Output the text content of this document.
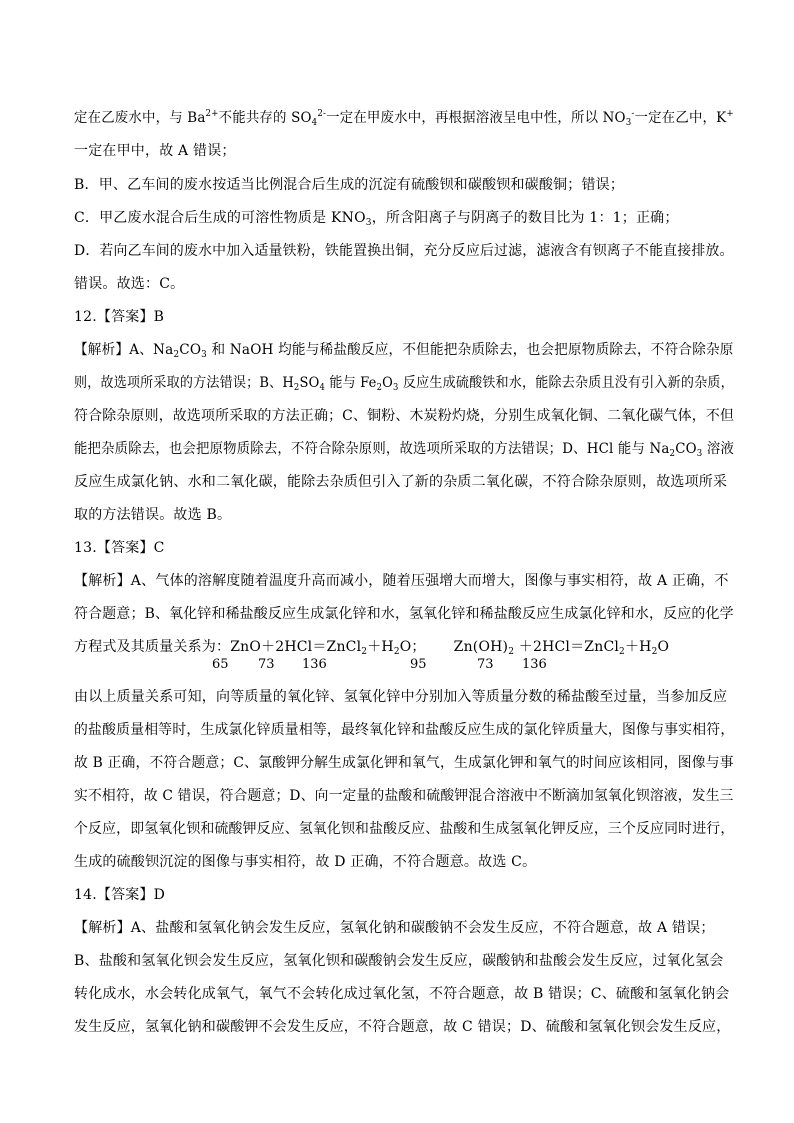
定在乙废水中，与 $Ba^{2+}$不能共存的 $SO_4^{2-}$一定在甲废水中，再根据溶液呈电中性，所以 $NO_3^-$一定在乙中，K+
一定在甲中，故 A 错误；
B．甲、乙车间的废水按适当比例混合后生成的沉淀有硫酸钡和碳酸钡和碳酸铜；错误；
C．甲乙废水混合后生成的可溶性物质是 $KNO_3$，所含阳离子与阴离子的数目比为 1：1；正确；
D．若向乙车间的废水中加入适量铁粉，铁能置换出铜，充分反应后过滤，滤液含有钡离子不能直接排放。
错误。故选：C。
12.【答案】B
【解析】A、$Na_2CO_3$ 和 NaOH 均能与稀盐酸反应，不但能把杂质除去，也会把原物质除去，不符合除杂原
则，故选项所采取的方法错误；B、$H_2SO_4$ 能与 $Fe_2O_3$ 反应生成硫酸铁和水，能除去杂质且没有引入新的杂质，
符合除杂原则，故选项所采取的方法正确；C、铜粉、木炭粉灼烧，分别生成氧化铜、二氧化碳气体，不但
能把杂质除去，也会把原物质除去，不符合除杂原则，故选项所采取的方法错误；D、HCl 能与 $Na_2CO_3$ 溶液
反应生成氯化钠、水和二氧化碳，能除去杂质但引入了新的杂质二氧化碳，不符合除杂原则，故选项所采
取的方法错误。故选 B。
13.【答案】C
【解析】A、气体的溶解度随着温度升高而减小，随着压强增大而增大，图像与事实相符，故 A 正确，不
符合题意；B、氧化锌和稀盐酸反应生成氯化锌和水，氢氧化锌和稀盐酸反应生成氯化锌和水，反应的化学
方程式及其质量关系为：$ZnO+2HCl=ZnCl_2+H_2O$； $Zn(OH)_2$ $+2HCl=ZnCl_2+H_2O$
65 73 136	95	73 136
由以上质量关系可知，向等质量的氧化锌、氢氧化锌中分别加入等质量分数的稀盐酸至过量，当参加反应
的盐酸质量相等时，生成氯化锌质量相等，最终氧化锌和盐酸反应生成的氯化锌质量大，图像与事实相符，
故 B 正确，不符合题意；C、氯酸钾分解生成氯化钾和氧气，生成氯化钾和氧气的时间应该相同，图像与事
实不相符，故 C 错误，符合题意；D、向一定量的盐酸和硫酸钾混合溶液中不断滴加氢氧化钡溶液，发生三
个反应，即氢氧化钡和硫酸钾反应、氢氧化钡和盐酸反应、盐酸和生成氢氧化钾反应，三个反应同时进行，
生成的硫酸钡沉淀的图像与事实相符，故 D 正确，不符合题意。故选 C。
14.【答案】D
【解析】A、盐酸和氢氧化钠会发生反应，氢氧化钠和碳酸钠不会发生反应，不符合题意，故 A 错误；
B、盐酸和氢氧化钡会发生反应，氢氧化钡和碳酸钠会发生反应，碳酸钠和盐酸会发生反应，过氧化氢会
转化成水，水会转化成氧气，氧气不会转化成过氧化氢，不符合题意，故 B 错误；C、硫酸和氢氧化钠会
发生反应，氢氧化钠和碳酸钾不会发生反应，不符合题意，故 C 错误；D、硫酸和氢氧化钡会发生反应，
